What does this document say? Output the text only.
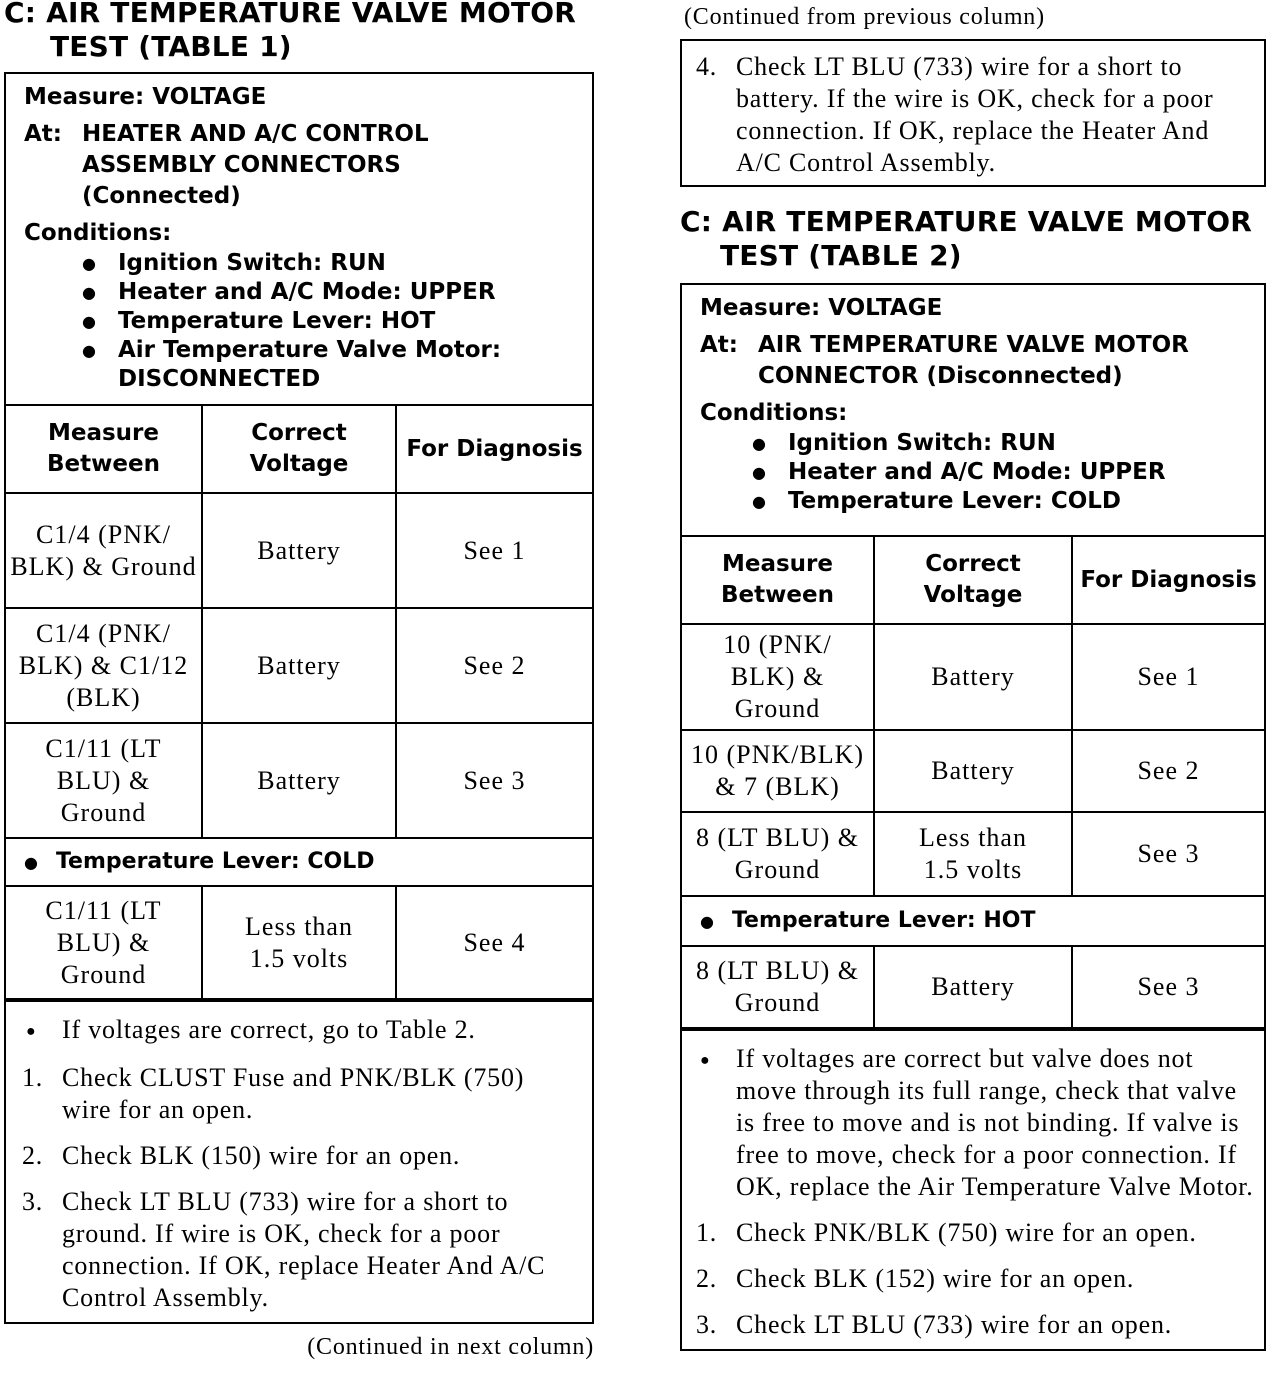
C: AIR TEMPERATURE VALVE MOTOR
TEST (TABLE 1)
Measure: VOLTAGE
At: HEATER AND A/C CONTROL ASSEMBLY CONNECTORS (Connected)
Conditions:
● Ignition Switch: RUN
● Heater and A/C Mode: UPPER
● Temperature Lever: HOT
● Air Temperature Valve Motor: DISCONNECTED
Measure Between	Correct Voltage	For Diagnosis
C1/4 (PNK/ BLK) & Ground	Battery	See 1
C1/4 (PNK/ BLK) & C1/12 (BLK)	Battery	See 2
C1/11 (LT BLU) & Ground	Battery	See 3
● Temperature Lever: COLD		
C1/11 (LT BLU) & Ground	Less than 1.5 volts	See 4
● If voltages are correct, go to Table 2.
1. Check CLUST Fuse and PNK/BLK (750) wire for an open.
2. Check BLK (150) wire for an open.
3. Check LT BLU (733) wire for a short to ground. If wire is OK, check for a poor connection. If OK, replace Heater And A/C Control Assembly.
(Continued in next column)
(Continued from previous column)
4. Check LT BLU (733) wire for a short to battery. If the wire is OK, check for a poor connection. If OK, replace the Heater And A/C Control Assembly.
C: AIR TEMPERATURE VALVE MOTOR
TEST (TABLE 2)
Measure: VOLTAGE
At: AIR TEMPERATURE VALVE MOTOR CONNECTOR (Disconnected)
Conditions:
● Ignition Switch: RUN
● Heater and A/C Mode: UPPER
● Temperature Lever: COLD
Measure Between	Correct Voltage	For Diagnosis
10 (PNK/ BLK) & Ground	Battery	See 1
10 (PNK/BLK) & 7 (BLK)	Battery	See 2
8 (LT BLU) & Ground	Less than 1.5 volts	See 3
● Temperature Lever: HOT		
8 (LT BLU) & Ground	Battery	See 3
● If voltages are correct but valve does not move through its full range, check that valve is free to move and is not binding. If valve is free to move, check for a poor connection. If OK, replace the Air Temperature Valve Motor.
1. Check PNK/BLK (750) wire for an open.
2. Check BLK (152) wire for an open.
3. Check LT BLU (733) wire for an open.
